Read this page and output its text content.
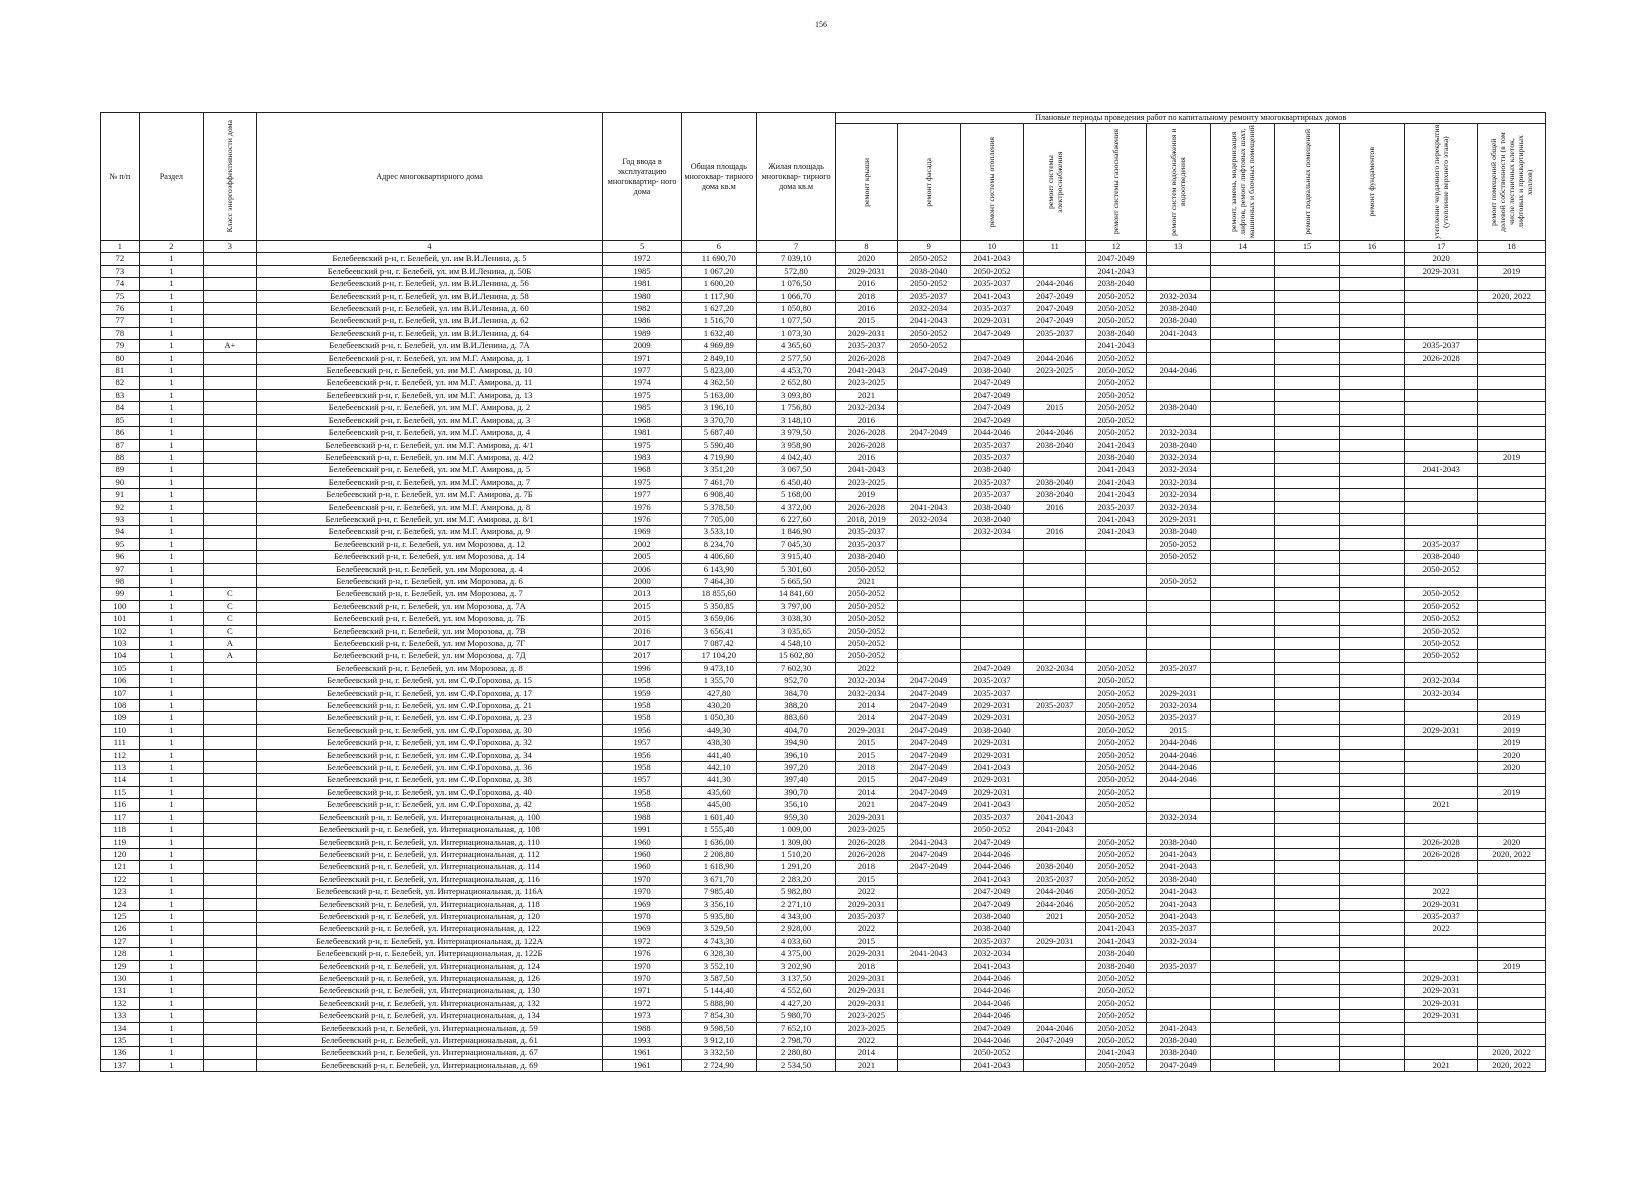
156
№ п/п	Раздел	Класс энергоэффективности дома	Адрес многоквартирного дома	Год ввода в эксплуатацию многоквартир- ного дома	Общая площадь многоквар- тирного дома кв.м	Жилая площадь многоквар- тирного дома кв.м	Плановые периоды проведения работ по капитальному ремонту многоквартирных домов										

							ремонт крыши	ремонт фасада	ремонт системы отопления	ремонт системы электроснабжения	ремонт системы газоснабжения	ремонт систем водоснабжения и водоотведения	ремонт, замена, модернизация лифтов, ремонт лифтовых шахт, машинных и блочных помещений	ремонт подвальных помещений	ремонт фундаментов	утепление чердачного перекрытия (утепление верхнего этажа)	ремонт помещений общей долевой собственности (в том числе лестничных клеток, лифтовых и приквартирных холлов)

1	2	3	4	5	6	7	8	9	10	11	12	13	14	15	16	17	18
72	1		Белебеевский р-н, г. Белебей, ул. им В.И.Ленина, д. 5	1972	11 690,70	7 039,10	2020	2050-2052	2041-2043		2047-2049					2020	
73	1		Белебеевский р-н, г. Белебей, ул. им В.И.Ленина, д. 50Б	1985	1 067,20	572,80	2029-2031	2038-2040	2050-2052		2041-2043					2029-2031	2019
74	1		Белебеевский р-н, г. Белебей, ул. им В.И.Ленина, д. 56	1981	1 600,20	1 076,50	2016	2050-2052	2035-2037	2044-2046	2038-2040						
75	1		Белебеевский р-н, г. Белебей, ул. им В.И.Ленина, д. 58	1980	1 117,90	1 066,70	2018	2035-2037	2041-2043	2047-2049	2050-2052	2032-2034					2020, 2022
76	1		Белебеевский р-н, г. Белебей, ул. им В.И.Ленина, д. 60	1982	1 627,20	1 050,80	2016	2032-2034	2035-2037	2047-2049	2050-2052	2038-2040					
77	1		Белебеевский р-н, г. Белебей, ул. им В.И.Ленина, д. 62	1986	1 516,70	1 077,50	2015	2041-2043	2029-2031	2047-2049	2050-2052	2038-2040					
78	1		Белебеевский р-н, г. Белебей, ул. им В.И.Ленина, д. 64	1989	1 632,40	1 073,30	2029-2031	2050-2052	2047-2049	2035-2037	2038-2040	2041-2043					
79	1	A+	Белебеевский р-н, г. Белебей, ул. им В.И.Ленина, д. 7А	2009	4 969,89	4 365,60	2035-2037	2050-2052			2041-2043					2035-2037	
80	1		Белебеевский р-н, г. Белебей, ул. им М.Г. Амирова, д. 1	1971	2 849,10	2 577,50	2026-2028		2047-2049	2044-2046	2050-2052					2026-2028	
81	1		Белебеевский р-н, г. Белебей, ул. им М.Г. Амирова, д. 10	1977	5 823,00	4 453,70	2041-2043	2047-2049	2038-2040	2023-2025	2050-2052	2044-2046					
82	1		Белебеевский р-н, г. Белебей, ул. им М.Г. Амирова, д. 11	1974	4 362,50	2 652,80	2023-2025		2047-2049		2050-2052						
83	1		Белебеевский р-н, г. Белебей, ул. им М.Г. Амирова, д. 13	1975	5 163,00	3 093,80	2021		2047-2049		2050-2052						
84	1		Белебеевский р-н, г. Белебей, ул. им М.Г. Амирова, д. 2	1985	3 196,10	1 756,80	2032-2034		2047-2049	2015	2050-2052	2038-2040					
85	1		Белебеевский р-н, г. Белебей, ул. им М.Г. Амирова, д. 3	1968	3 370,70	3 148,10	2016		2047-2049		2050-2052						
86	1		Белебеевский р-н, г. Белебей, ул. им М.Г. Амирова, д. 4	1981	5 687,40	3 979,50	2026-2028	2047-2049	2044-2046	2044-2046	2050-2052	2032-2034					
87	1		Белебеевский р-н, г. Белебей, ул. им М.Г. Амирова, д. 4/1	1975	5 590,40	3 958,90	2026-2028		2035-2037	2038-2040	2041-2043	2038-2040					
88	1		Белебеевский р-н, г. Белебей, ул. им М.Г. Амирова, д. 4/2	1983	4 719,90	4 042,40	2016		2035-2037		2038-2040	2032-2034					2019
89	1		Белебеевский р-н, г. Белебей, ул. им М.Г. Амирова, д. 5	1968	3 351,20	3 067,50	2041-2043		2038-2040		2041-2043	2032-2034				2041-2043	
90	1		Белебеевский р-н, г. Белебей, ул. им М.Г. Амирова, д. 7	1975	7 461,70	6 450,40	2023-2025		2035-2037	2038-2040	2041-2043	2032-2034					
91	1		Белебеевский р-н, г. Белебей, ул. им М.Г. Амирова, д. 7Б	1977	6 908,40	5 168,00	2019		2035-2037	2038-2040	2041-2043	2032-2034					
92	1		Белебеевский р-н, г. Белебей, ул. им М.Г. Амирова, д. 8	1976	5 378,50	4 372,00	2026-2028	2041-2043	2038-2040	2016	2035-2037	2032-2034					
93	1		Белебеевский р-н, г. Белебей, ул. им М.Г. Амирова, д. 8/1	1976	7 705,00	6 227,60	2018, 2019	2032-2034	2038-2040		2041-2043	2029-2031					
94	1		Белебеевский р-н, г. Белебей, ул. им М.Г. Амирова, д. 9	1969	3 533,10	1 846,90	2035-2037		2032-2034	2016	2041-2043	2038-2040					
95	1		Белебеевский р-н, г. Белебей, ул. им Морозова, д. 12	2002	8 234,70	7 045,30	2035-2037					2050-2052				2035-2037	
96	1		Белебеевский р-н, г. Белебей, ул. им Морозова, д. 14	2005	4 406,60	3 915,40	2038-2040					2050-2052				2038-2040	
97	1		Белебеевский р-н, г. Белебей, ул. им Морозова, д. 4	2006	6 143,90	5 301,60	2050-2052									2050-2052	
98	1		Белебеевский р-н, г. Белебей, ул. им Морозова, д. 6	2000	7 464,30	5 665,50	2021					2050-2052					
99	1	C	Белебеевский р-н, г. Белебей, ул. им Морозова, д. 7	2013	18 855,60	14 841,60	2050-2052									2050-2052	
100	1	C	Белебеевский р-н, г. Белебей, ул. им Морозова, д. 7А	2015	5 350,85	3 797,00	2050-2052									2050-2052	
101	1	C	Белебеевский р-н, г. Белебей, ул. им Морозова, д. 7Б	2015	3 659,06	3 038,30	2050-2052									2050-2052	
102	1	C	Белебеевский р-н, г. Белебей, ул. им Морозова, д. 7В	2016	3 656,41	3 035,65	2050-2052									2050-2052	
103	1	A	Белебеевский р-н, г. Белебей, ул. им Морозова, д. 7Г	2017	7 087,42	4 548,10	2050-2052									2050-2052	
104	1	A	Белебеевский р-н, г. Белебей, ул. им Морозова, д. 7Д	2017	17 104,20	15 602,80	2050-2052									2050-2052	
105	1		Белебеевский р-н, г. Белебей, ул. им Морозова, д. 8	1996	9 473,10	7 602,30	2022		2047-2049	2032-2034	2050-2052	2035-2037					
106	1		Белебеевский р-н, г. Белебей, ул. им С.Ф.Горохова, д. 15	1958	1 355,70	952,70	2032-2034	2047-2049	2035-2037		2050-2052					2032-2034	
107	1		Белебеевский р-н, г. Белебей, ул. им С.Ф.Горохова, д. 17	1959	427,80	384,70	2032-2034	2047-2049	2035-2037		2050-2052	2029-2031				2032-2034	
108	1		Белебеевский р-н, г. Белебей, ул. им С.Ф.Горохова, д. 21	1958	430,20	388,20	2014	2047-2049	2029-2031	2035-2037	2050-2052	2032-2034					
109	1		Белебеевский р-н, г. Белебей, ул. им С.Ф.Горохова, д. 23	1958	1 050,30	883,60	2014	2047-2049	2029-2031		2050-2052	2035-2037					2019
110	1		Белебеевский р-н, г. Белебей, ул. им С.Ф.Горохова, д. 30	1956	449,30	404,70	2029-2031	2047-2049	2038-2040		2050-2052	2015				2029-2031	2019
111	1		Белебеевский р-н, г. Белебей, ул. им С.Ф.Горохова, д. 32	1957	438,30	394,90	2015	2047-2049	2029-2031		2050-2052	2044-2046					2019
112	1		Белебеевский р-н, г. Белебей, ул. им С.Ф.Горохова, д. 34	1956	441,40	396,10	2015	2047-2049	2029-2031		2050-2052	2044-2046					2020
113	1		Белебеевский р-н, г. Белебей, ул. им С.Ф.Горохова, д. 36	1958	442,10	397,20	2018	2047-2049	2041-2043		2050-2052	2044-2046					2020
114	1		Белебеевский р-н, г. Белебей, ул. им С.Ф.Горохова, д. 38	1957	441,30	397,40	2015	2047-2049	2029-2031		2050-2052	2044-2046					
115	1		Белебеевский р-н, г. Белебей, ул. им С.Ф.Горохова, д. 40	1958	435,60	390,70	2014	2047-2049	2029-2031		2050-2052						2019
116	1		Белебеевский р-н, г. Белебей, ул. им С.Ф.Горохова, д. 42	1958	445,00	356,10	2021	2047-2049	2041-2043		2050-2052					2021	
117	1		Белебеевский р-н, г. Белебей, ул. Интернациональная, д. 100	1988	1 601,40	959,30	2029-2031		2035-2037	2041-2043		2032-2034					
118	1		Белебеевский р-н, г. Белебей, ул. Интернациональная, д. 108	1991	1 555,40	1 009,00	2023-2025		2050-2052	2041-2043							
119	1		Белебеевский р-н, г. Белебей, ул. Интернациональная, д. 110	1960	1 636,00	1 309,00	2026-2028	2041-2043	2047-2049		2050-2052	2038-2040				2026-2028	2020
120	1		Белебеевский р-н, г. Белебей, ул. Интернациональная, д. 112	1960	2 208,80	1 510,20	2026-2028	2047-2049	2044-2046		2050-2052	2041-2043				2026-2028	2020, 2022
121	1		Белебеевский р-н, г. Белебей, ул. Интернациональная, д. 114	1960	1 618,90	1 291,20	2018	2047-2049	2044-2046	2038-2040	2050-2052	2041-2043					
122	1		Белебеевский р-н, г. Белебей, ул. Интернациональная, д. 116	1970	3 671,70	2 283,20	2015		2041-2043	2035-2037	2050-2052	2038-2040					
123	1		Белебеевский р-н, г. Белебей, ул. Интернациональная, д. 116А	1970	7 985,40	5 982,80	2022		2047-2049	2044-2046	2050-2052	2041-2043				2022	
124	1		Белебеевский р-н, г. Белебей, ул. Интернациональная, д. 118	1969	3 356,10	2 271,10	2029-2031		2047-2049	2044-2046	2050-2052	2041-2043				2029-2031	
125	1		Белебеевский р-н, г. Белебей, ул. Интернациональная, д. 120	1970	5 935,80	4 343,00	2035-2037		2038-2040	2021	2050-2052	2041-2043				2035-2037	
126	1		Белебеевский р-н, г. Белебей, ул. Интернациональная, д. 122	1969	3 529,50	2 928,00	2022		2038-2040		2041-2043	2035-2037				2022	
127	1		Белебеевский р-н, г. Белебей, ул. Интернациональная, д. 122А	1972	4 743,30	4 033,60	2015		2035-2037	2029-2031	2041-2043	2032-2034					
128	1		Белебеевский р-н, г. Белебей, ул. Интернациональная, д. 122Б	1976	6 328,30	4 375,00	2029-2031	2041-2043	2032-2034		2038-2040						
129	1		Белебеевский р-н, г. Белебей, ул. Интернациональная, д. 124	1970	3 552,10	3 202,90	2018		2041-2043		2038-2040	2035-2037					2019
130	1		Белебеевский р-н, г. Белебей, ул. Интернациональная, д. 126	1970	3 587,50	3 137,50	2029-2031		2044-2046		2050-2052					2029-2031	
131	1		Белебеевский р-н, г. Белебей, ул. Интернациональная, д. 130	1971	5 144,40	4 552,60	2029-2031		2044-2046		2050-2052					2029-2031	
132	1		Белебеевский р-н, г. Белебей, ул. Интернациональная, д. 132	1972	5 888,90	4 427,20	2029-2031		2044-2046		2050-2052					2029-2031	
133	1		Белебеевский р-н, г. Белебей, ул. Интернациональная, д. 134	1973	7 854,30	5 980,70	2023-2025		2044-2046		2050-2052					2029-2031	
134	1		Белебеевский р-н, г. Белебей, ул. Интернациональная, д. 59	1988	9 598,50	7 652,10	2023-2025		2047-2049	2044-2046	2050-2052	2041-2043					
135	1		Белебеевский р-н, г. Белебей, ул. Интернациональная, д. 61	1993	3 912,10	2 798,70	2022		2044-2046	2047-2049	2050-2052	2038-2040					
136	1		Белебеевский р-н, г. Белебей, ул. Интернациональная, д. 67	1961	3 332,50	2 280,80	2014		2050-2052		2041-2043	2038-2040					2020, 2022
137	1		Белебеевский р-н, г. Белебей, ул. Интернациональная, д. 69	1961	2 724,90	2 534,50	2021		2041-2043		2050-2052	2047-2049				2021	2020, 2022
